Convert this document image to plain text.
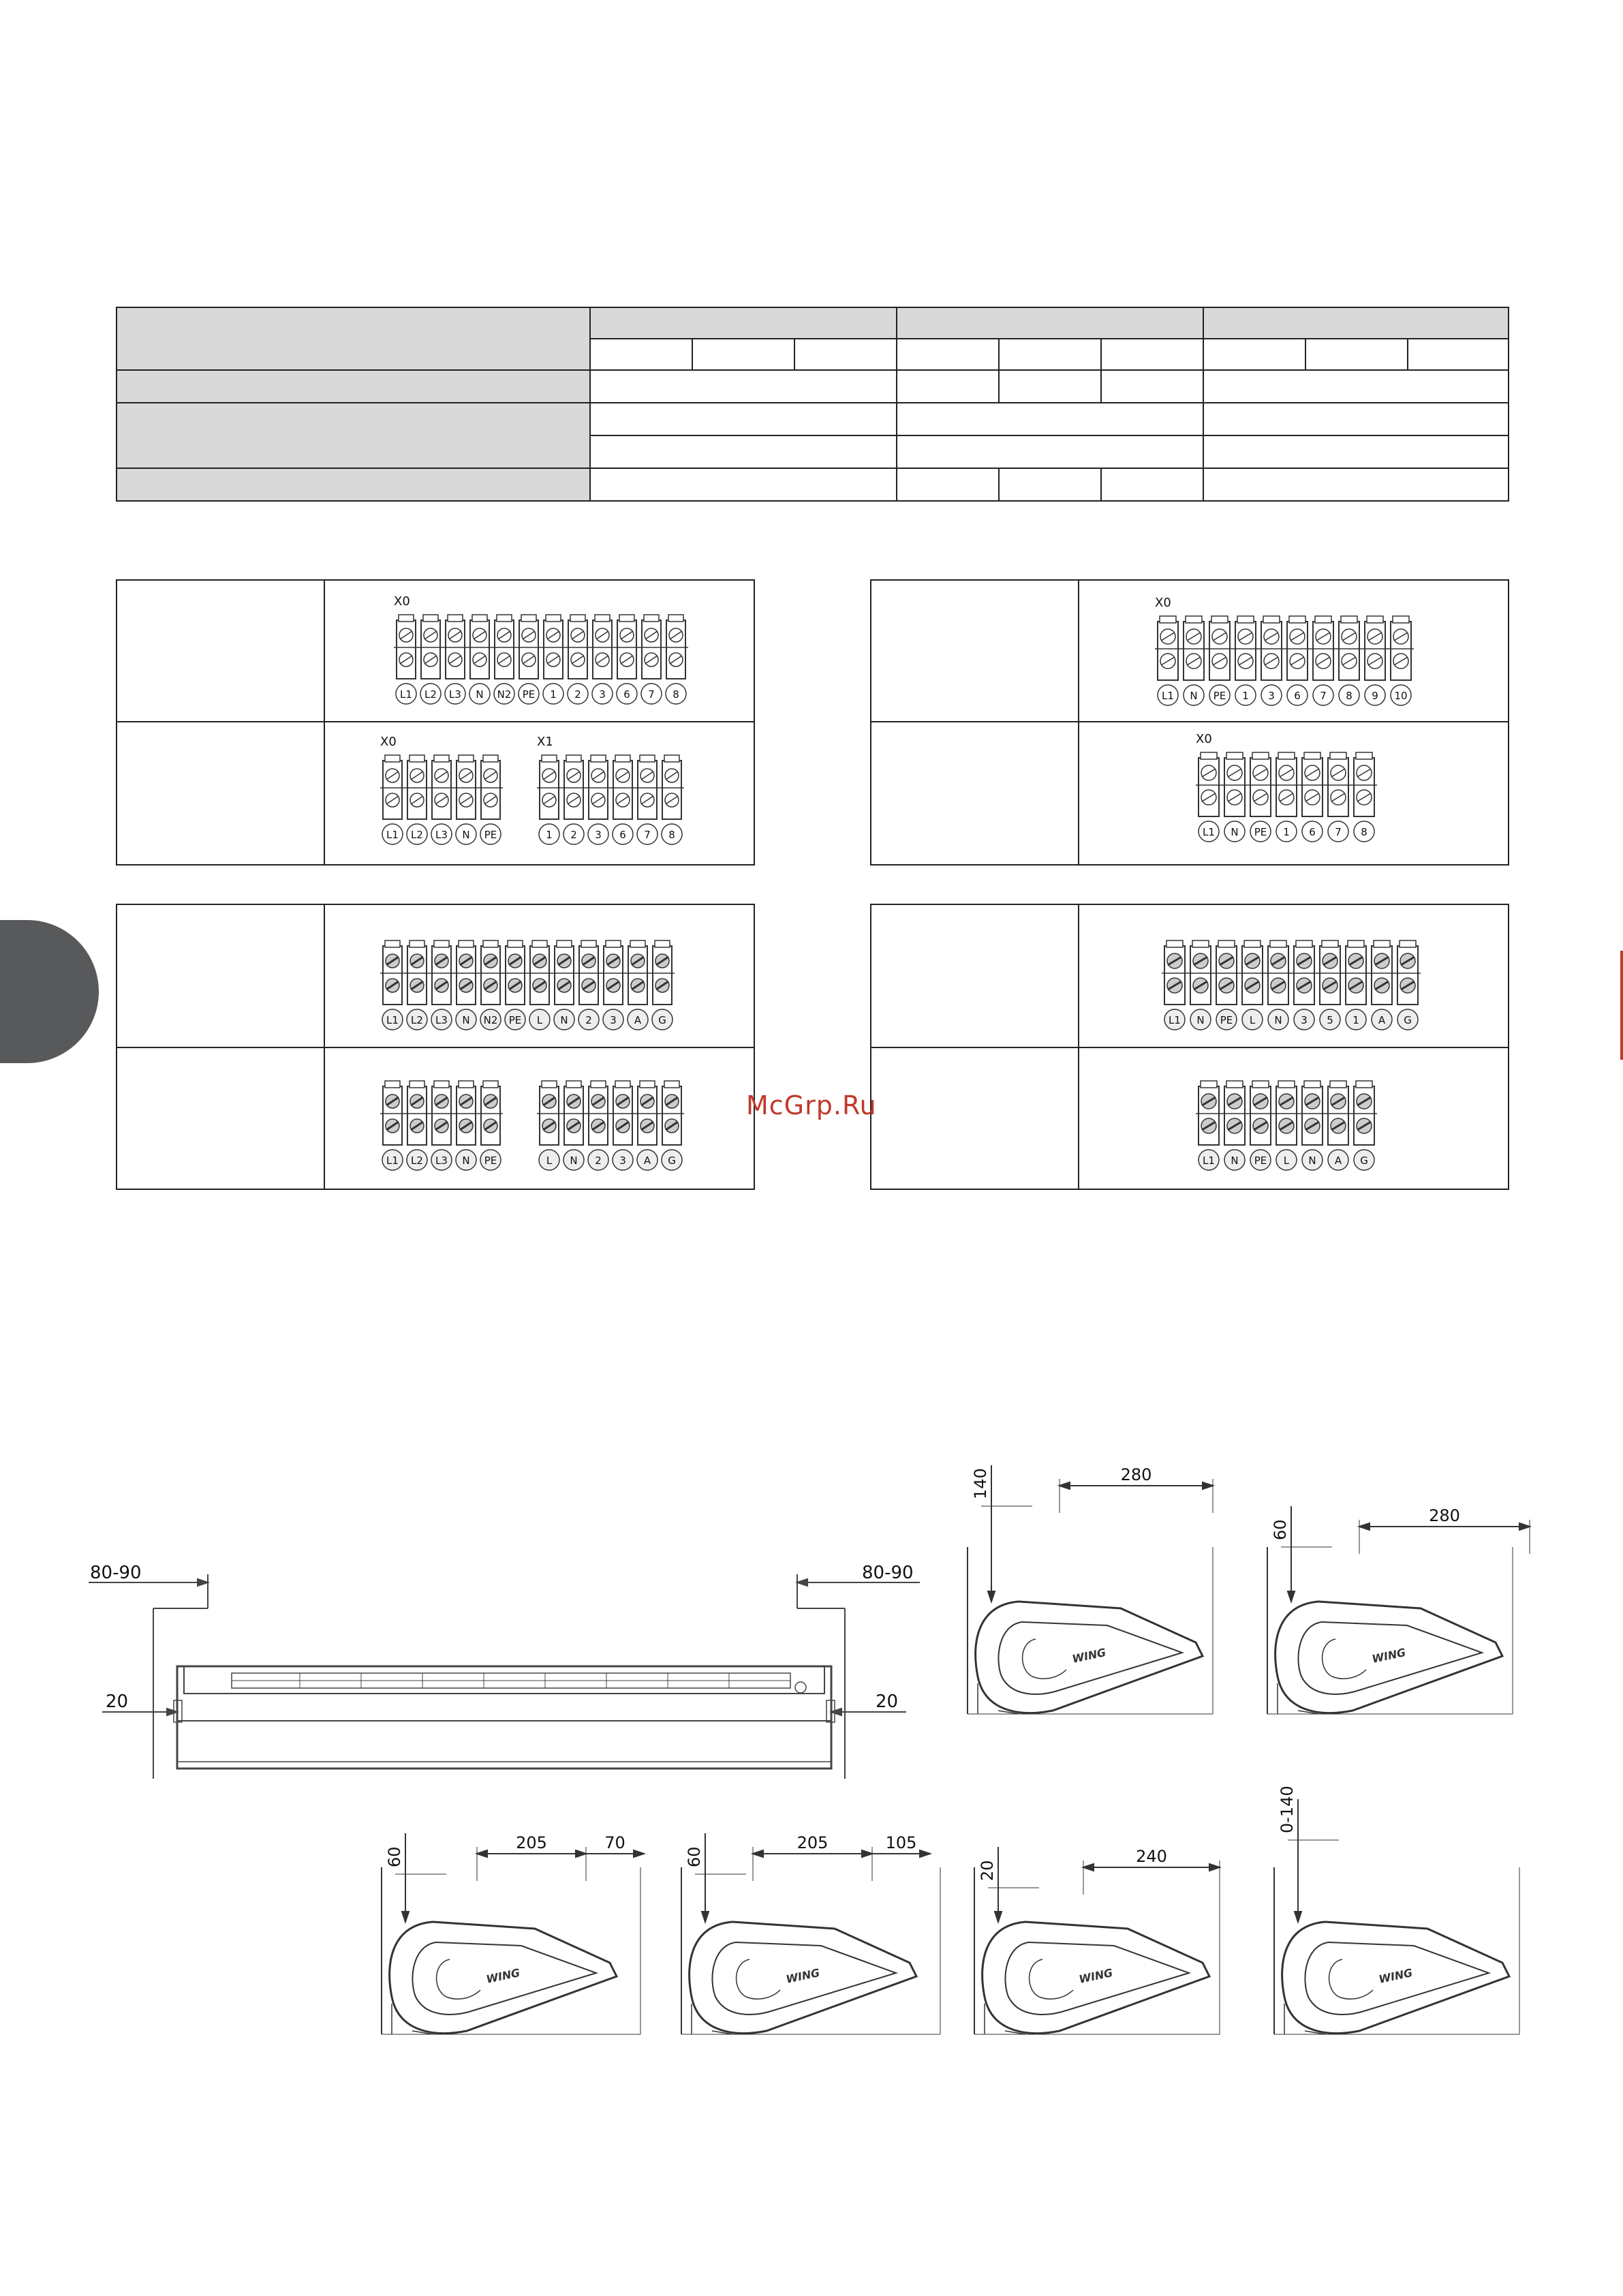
L1 L2 L3 N N2 PE 1 2 3 6 7 8
X0
L1 L2 L3 N PE
X0
1 2 3 6 7 8
X1
L1 N PE 1 3 6 7 8 9 10
X0
L1 N PE 1 6 7 8
X0
L1 L2 L3 N N2 PE L N 2 3 A G
L1 L2 L3 N PE	L N 2 3 A G
L1 N PE L N 3 5 1 A G
L1 N PE L N A G
McGrp.Ru
80-90	80-90
20	20
WING
140	280
WING
60
280
WING
60
205	70
WING
60
205	105
WING
20
240
WING
0-140
